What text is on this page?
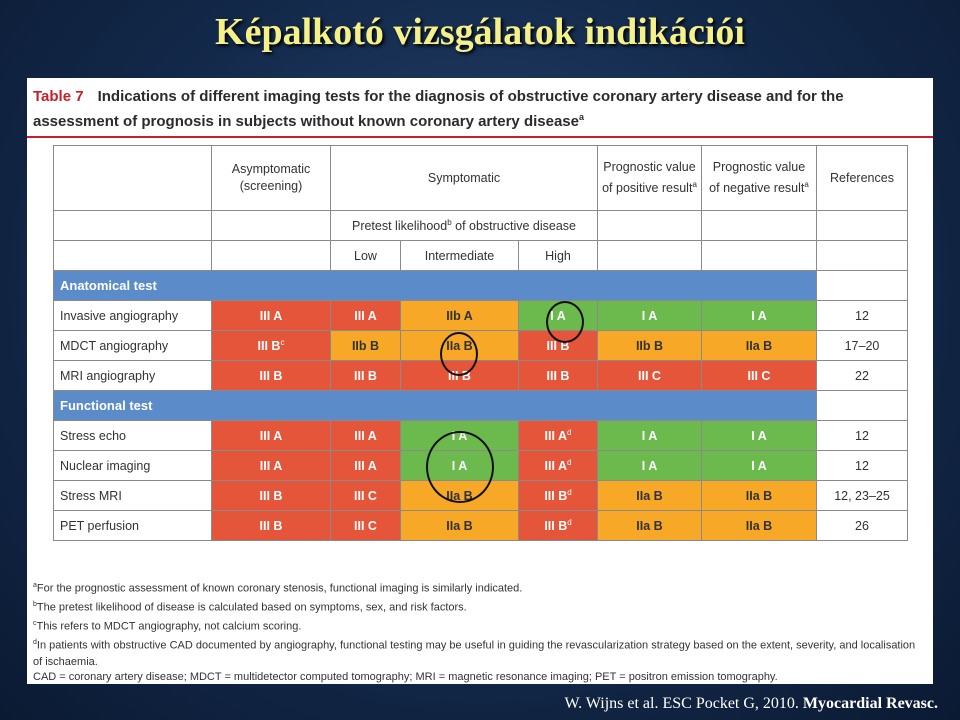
Képalkotó vizsgálatok indikációi
Table 7 Indications of different imaging tests for the diagnosis of obstructive coronary artery disease and for the assessment of prognosis in subjects without known coronary artery disease$^a$
	Asymptomatic (screening)	Symptomatic			Prognostic value of positive result$^a$	Prognostic value of negative result$^a$	References
		Pretest likelihood$^b$ of obstructive disease					
		Low	Intermediate	High			
Anatomical test							
Invasive angiography	III A	III A	IIb A	I A	I A	I A	12
MDCT angiography	III $B^c$	IIb B	IIa B	III B	IIb B	IIa B	17–20
MRI angiography	III B	III B	III B	III B	III C	III C	22
Functional test							
Stress echo	III A	III A	I A	III $A^d$	I A	I A	12
Nuclear imaging	III A	III A	I A	III $A^d$	I A	I A	12
Stress MRI	III B	III C	IIa B	III $B^d$	IIa B	IIa B	12, 23–25
PET perfusion	III B	III C	IIa B	III $B^d$	IIa B	IIa B	26
$^a$For the prognostic assessment of known coronary stenosis, functional imaging is similarly indicated.
$^b$The pretest likelihood of disease is calculated based on symptoms, sex, and risk factors.
$^c$This refers to MDCT angiography, not calcium scoring.
$^d$In patients with obstructive CAD documented by angiography, functional testing may be useful in guiding the revascularization strategy based on the extent, severity, and localisation of ischaemia.
CAD = coronary artery disease; MDCT = multidetector computed tomography; MRI = magnetic resonance imaging; PET = positron emission tomography.
W. Wijns et al. ESC Pocket G, 2010. Myocardial Revasc.
